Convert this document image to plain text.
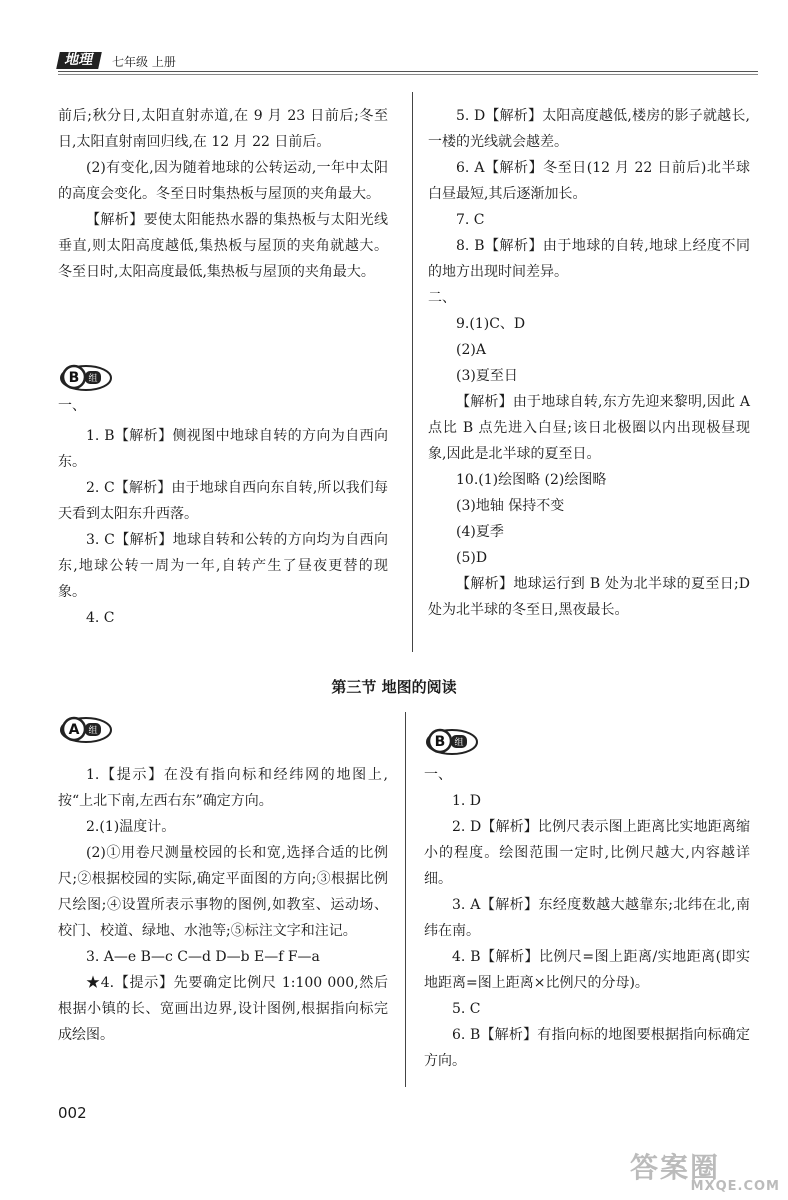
地理	七年级 上册

前后;秋分日,太阳直射赤道,在 9 月 23 日前后;冬至日,太阳直射南回归线,在 12 月 22 日前后。

(2)有变化,因为随着地球的公转运动,一年中太阳的高度会变化。冬至日时集热板与屋顶的夹角最大。

【解析】要使太阳能热水器的集热板与太阳光线垂直,则太阳高度越低,集热板与屋顶的夹角就越大。冬至日时,太阳高度最低,集热板与屋顶的夹角最大。

B 组

一、

1. B【解析】侧视图中地球自转的方向为自西向东。

2. C【解析】由于地球自西向东自转,所以我们每天看到太阳东升西落。

3. C【解析】地球自转和公转的方向均为自西向东,地球公转一周为一年,自转产生了昼夜更替的现象。

4. C

5. D【解析】太阳高度越低,楼房的影子就越长,一楼的光线就会越差。

6. A【解析】冬至日(12 月 22 日前后)北半球白昼最短,其后逐渐加长。

7. C

8. B【解析】由于地球的自转,地球上经度不同的地方出现时间差异。

二、

9.(1)C、D

(2)A

(3)夏至日

【解析】由于地球自转,东方先迎来黎明,因此 A 点比 B 点先进入白昼;该日北极圈以内出现极昼现象,因此是北半球的夏至日。

10.(1)绘图略 (2)绘图略

(3)地轴 保持不变

(4)夏季

(5)D

【解析】地球运行到 B 处为北半球的夏至日;D 处为北半球的冬至日,黑夜最长。

第三节 地图的阅读
A 组

1.【提示】在没有指向标和经纬网的地图上,按“上北下南,左西右东”确定方向。

2.(1)温度计。

(2)①用卷尺测量校园的长和宽,选择合适的比例尺;②根据校园的实际,确定平面图的方向;③根据比例尺绘图;④设置所表示事物的图例,如教室、运动场、校门、校道、绿地、水池等;⑤标注文字和注记。

3. A—e B—c C—d D—b E—f F—a

★4.【提示】先要确定比例尺 1:100 000,然后根据小镇的长、宽画出边界,设计图例,根据指向标完成绘图。

B 组

一、

1. D

2. D【解析】比例尺表示图上距离比实地距离缩小的程度。绘图范围一定时,比例尺越大,内容越详细。

3. A【解析】东经度数越大越靠东;北纬在北,南纬在南。

4. B【解析】比例尺=图上距离/实地距离(即实地距离=图上距离×比例尺的分母)。

5. C

6. B【解析】有指向标的地图要根据指向标确定方向。

002
答案圈
MXQE.COM
